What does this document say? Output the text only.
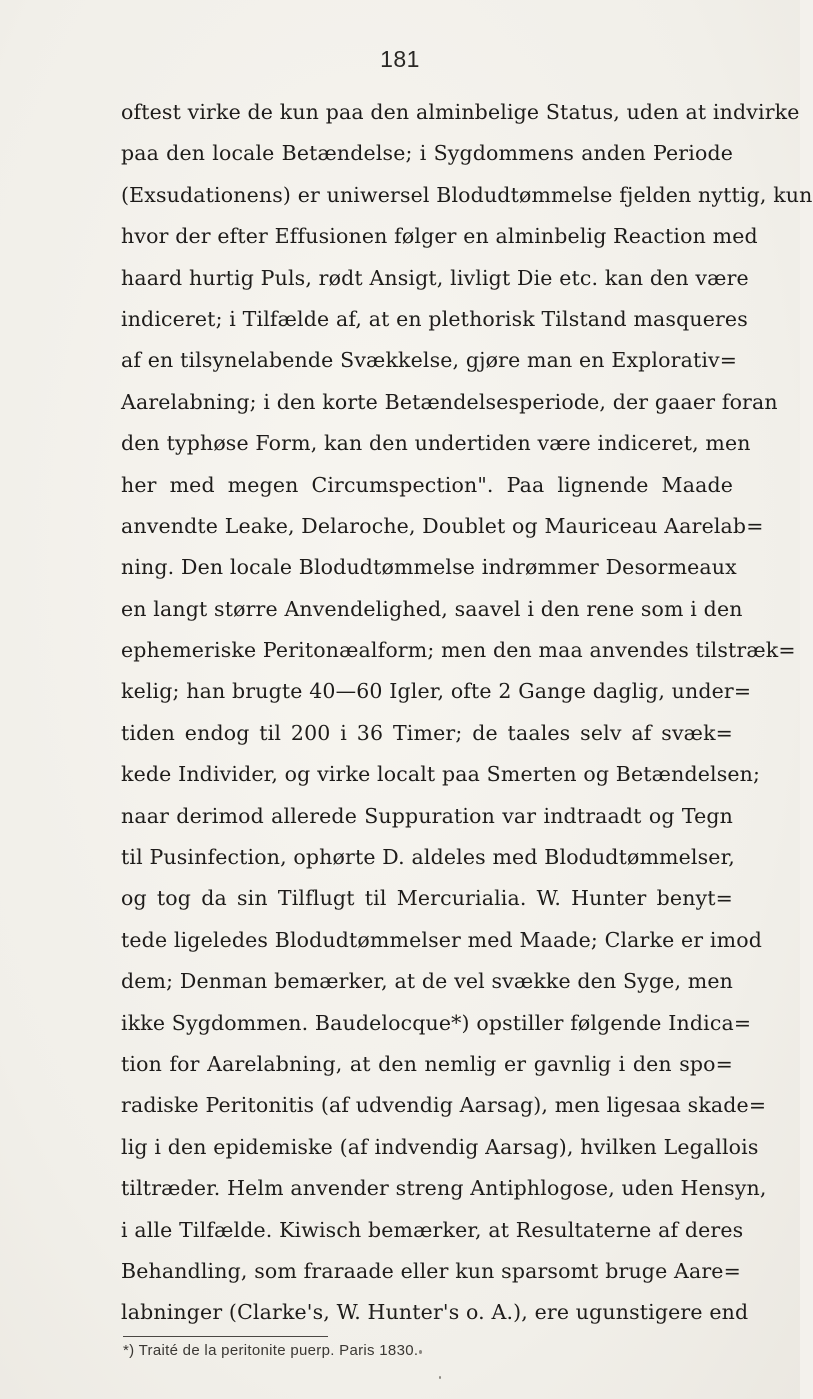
181
oftest virke de kun paa den alminbelige Status, uden at indvirke
paa den locale Betændelse; i Sygdommens anden Periode
(Exsudationens) er uniwersel Blodudtømmelse fjelden nyttig, kun
hvor der efter Effusionen følger en alminbelig Reaction med
haard hurtig Puls, rødt Ansigt, livligt Die etc. kan den være
indiceret; i Tilfælde af, at en plethorisk Tilstand masqueres
af en tilsynelabende Svækkelse, gjøre man en Explorativ=
Aarelabning; i den korte Betændelsesperiode, der gaaer foran
den typhøse Form, kan den undertiden være indiceret, men
her med megen Circumspection". Paa lignende Maade
anvendte Leake, Delaroche, Doublet og Mauriceau Aarelab=
ning. Den locale Blodudtømmelse indrømmer Desormeaux
en langt større Anvendelighed, saavel i den rene som i den
ephemeriske Peritonæalform; men den maa anvendes tilstræk=
kelig; han brugte 40—60 Igler, ofte 2 Gange daglig, under=
tiden endog til 200 i 36 Timer; de taales selv af svæk=
kede Individer, og virke localt paa Smerten og Betændelsen;
naar derimod allerede Suppuration var indtraadt og Tegn
til Pusinfection, ophørte D. aldeles med Blodudtømmelser,
og tog da sin Tilflugt til Mercurialia. W. Hunter benyt=
tede ligeledes Blodudtømmelser med Maade; Clarke er imod
dem; Denman bemærker, at de vel svække den Syge, men
ikke Sygdommen. Baudelocque*) opstiller følgende Indica=
tion for Aarelabning, at den nemlig er gavnlig i den spo=
radiske Peritonitis (af udvendig Aarsag), men ligesaa skade=
lig i den epidemiske (af indvendig Aarsag), hvilken Legallois
tiltræder. Helm anvender streng Antiphlogose, uden Hensyn,
i alle Tilfælde. Kiwisch bemærker, at Resultaterne af deres
Behandling, som fraraade eller kun sparsomt bruge Aare=
labninger (Clarke's, W. Hunter's o. A.), ere ugunstigere end
*) Traité de la peritonite puerp. Paris 1830.
